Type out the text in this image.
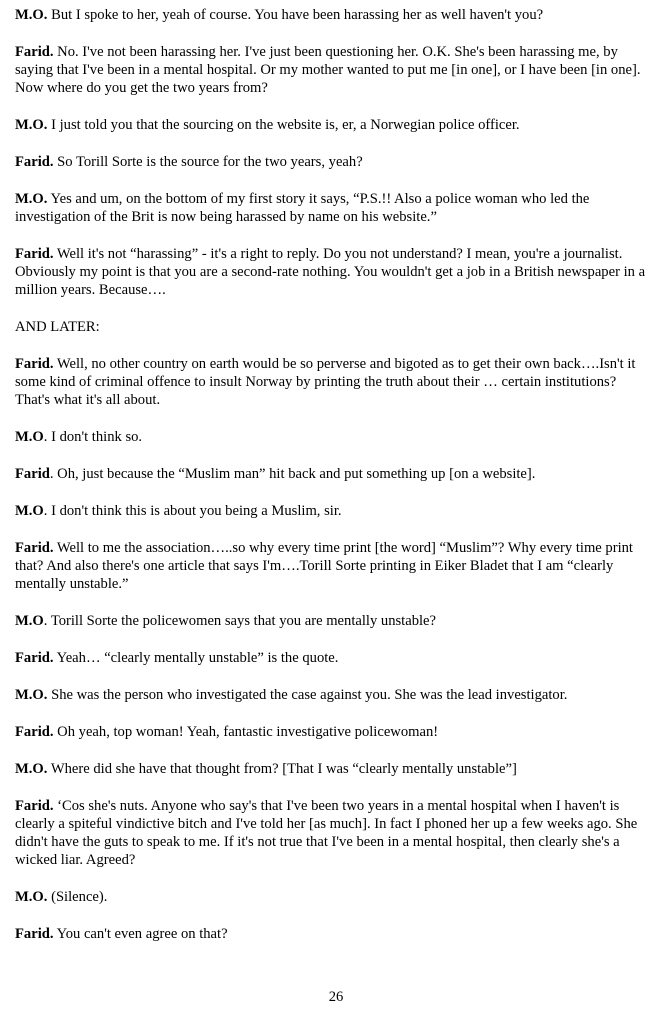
M.O. But I spoke to her, yeah of course. You have been harassing her as well haven't you?

Farid. No. I've not been harassing her. I've just been questioning her. O.K. She's been harassing me, by saying that I've been in a mental hospital. Or my mother wanted to put me [in one], or I have been [in one]. Now where do you get the two years from?

M.O. I just told you that the sourcing on the website is, er, a Norwegian police officer.

Farid. So Torill Sorte is the source for the two years, yeah?

M.O. Yes and um, on the bottom of my first story it says, “P.S.!! Also a police woman who led the investigation of the Brit is now being harassed by name on his website.”

Farid. Well it's not “harassing” - it's a right to reply. Do you not understand? I mean, you're a journalist. Obviously my point is that you are a second-rate nothing. You wouldn't get a job in a British newspaper in a million years. Because….

AND LATER:

Farid. Well, no other country on earth would be so perverse and bigoted as to get their own back….Isn't it some kind of criminal offence to insult Norway by printing the truth about their … certain institutions? That's what it's all about.

M.O. I don't think so.

Farid. Oh, just because the “Muslim man” hit back and put something up [on a website].

M.O. I don't think this is about you being a Muslim, sir.

Farid. Well to me the association…..so why every time print [the word] “Muslim”? Why every time print that? And also there's one article that says I'm….Torill Sorte printing in Eiker Bladet that I am “clearly mentally unstable.”

M.O. Torill Sorte the policewomen says that you are mentally unstable?

Farid. Yeah… “clearly mentally unstable” is the quote.

M.O. She was the person who investigated the case against you. She was the lead investigator.

Farid. Oh yeah, top woman! Yeah, fantastic investigative policewoman!

M.O. Where did she have that thought from? [That I was “clearly mentally unstable”]

Farid. ‘Cos she's nuts. Anyone who say's that I've been two years in a mental hospital when I haven't is clearly a spiteful vindictive bitch and I've told her [as much]. In fact I phoned her up a few weeks ago. She didn't have the guts to speak to me. If it's not true that I've been in a mental hospital, then clearly she's a wicked liar. Agreed?

M.O. (Silence).

Farid. You can't even agree on that?

26
